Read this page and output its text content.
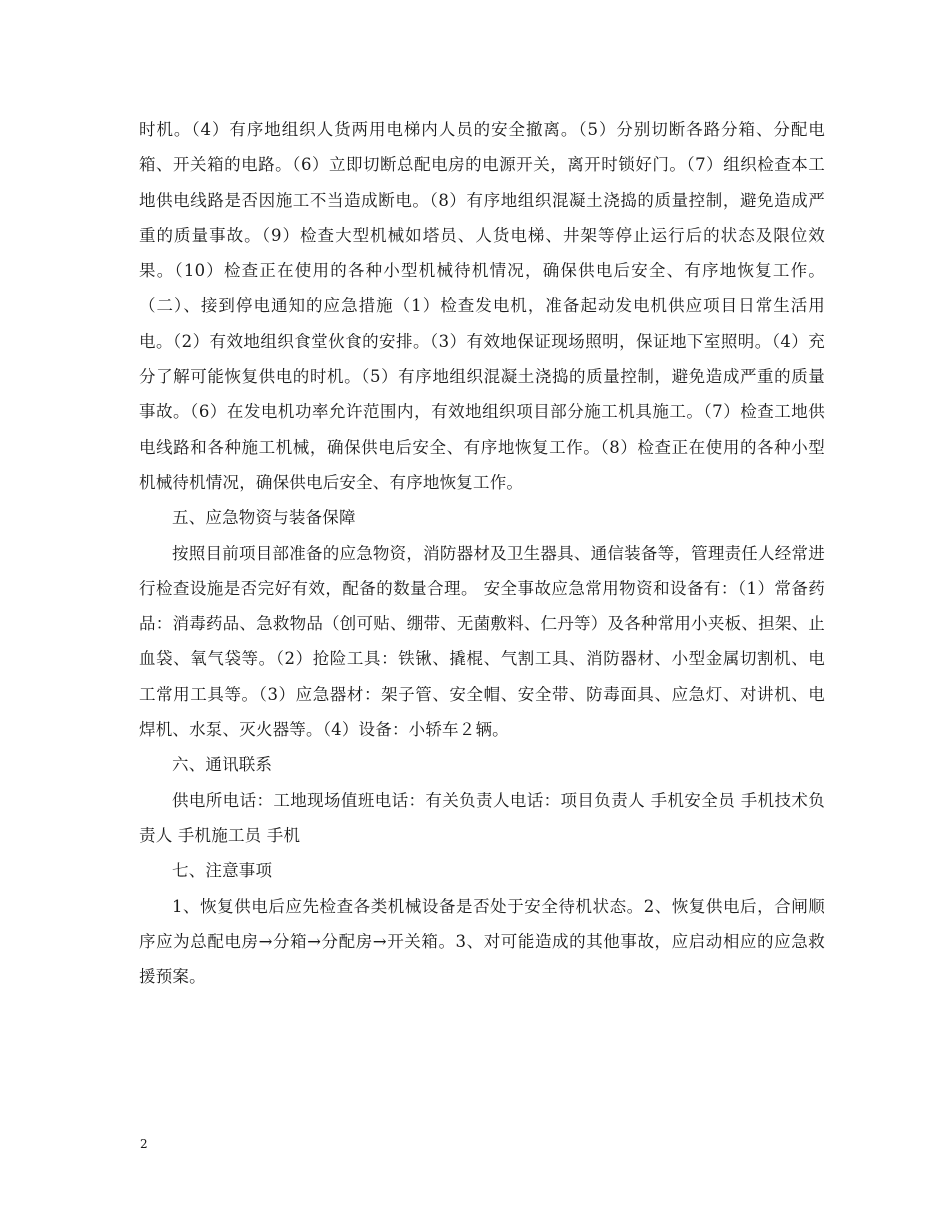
时机。（4）有序地组织人货两用电梯内人员的安全撤离。（5）分别切断各路分箱、分配电箱、开关箱的电路。（6）立即切断总配电房的电源开关，离开时锁好门。（7）组织检查本工地供电线路是否因施工不当造成断电。（8）有序地组织混凝土浇捣的质量控制，避免造成严重的质量事故。（9）检查大型机械如塔员、人货电梯、井架等停止运行后的状态及限位效果。（10）检查正在使用的各种小型机械待机情况，确保供电后安全、有序地恢复工作。（二）、接到停电通知的应急措施（1）检查发电机，准备起动发电机供应项目日常生活用电。（2）有效地组织食堂伙食的安排。（3）有效地保证现场照明，保证地下室照明。（4）充分了解可能恢复供电的时机。（5）有序地组织混凝土浇捣的质量控制，避免造成严重的质量事故。（6）在发电机功率允许范围内，有效地组织项目部分施工机具施工。（7）检查工地供电线路和各种施工机械，确保供电后安全、有序地恢复工作。（8）检查正在使用的各种小型机械待机情况，确保供电后安全、有序地恢复工作。

五、应急物资与装备保障

按照目前项目部准备的应急物资，消防器材及卫生器具、通信装备等，管理责任人经常进行检查设施是否完好有效，配备的数量合理。 安全事故应急常用物资和设备有：（1）常备药品：消毒药品、急救物品（创可贴、绷带、无菌敷料、仁丹等）及各种常用小夹板、担架、止血袋、氧气袋等。（2）抢险工具：铁锹、撬棍、气割工具、消防器材、小型金属切割机、电工常用工具等。（3）应急器材：架子管、安全帽、安全带、防毒面具、应急灯、对讲机、电焊机、水泵、灭火器等。（4）设备：小轿车２辆。

六、通讯联系

供电所电话：工地现场值班电话：有关负责人电话：项目负责人 手机安全员 手机技术负责人 手机施工员 手机

七、注意事项

1、恢复供电后应先检查各类机械设备是否处于安全待机状态。2、恢复供电后，合闸顺序应为总配电房→分箱→分配房→开关箱。3、对可能造成的其他事故，应启动相应的应急救援预案。

2
